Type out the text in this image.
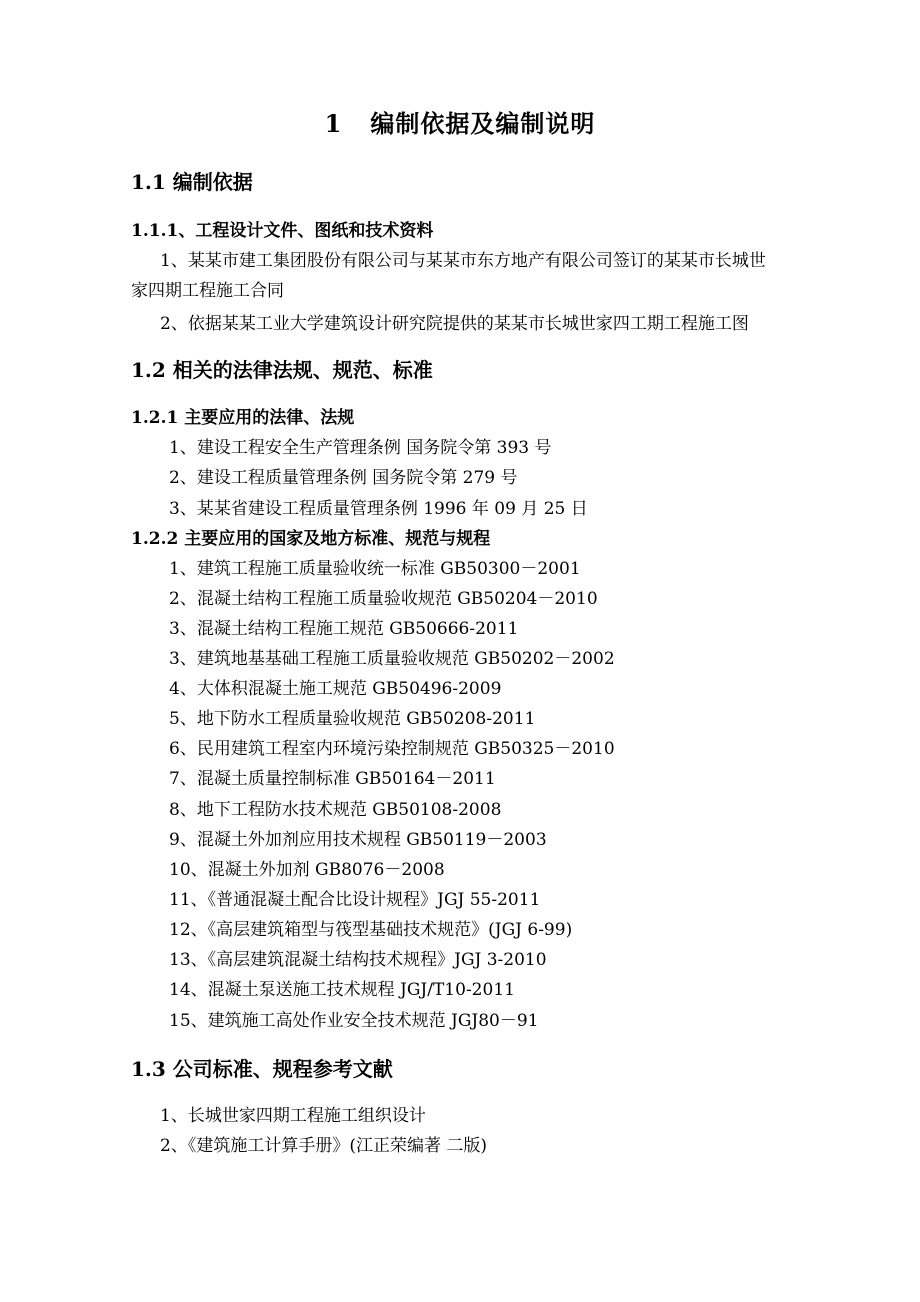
1 编制依据及编制说明
1.1 编制依据
1.1.1、工程设计文件、图纸和技术资料
1、某某市建工集团股份有限公司与某某市东方地产有限公司签订的某某市长城世
家四期工程施工合同
2、依据某某工业大学建筑设计研究院提供的某某市长城世家四工期工程施工图
1.2 相关的法律法规、规范、标准
1.2.1 主要应用的法律、法规
1、建设工程安全生产管理条例 国务院令第 393 号
2、建设工程质量管理条例 国务院令第 279 号
3、某某省建设工程质量管理条例 1996 年 09 月 25 日
1.2.2 主要应用的国家及地方标准、规范与规程
1、建筑工程施工质量验收统一标准 GB50300－2001
2、混凝土结构工程施工质量验收规范 GB50204－2010
3、混凝土结构工程施工规范 GB50666-2011
3、建筑地基基础工程施工质量验收规范 GB50202－2002
4、大体积混凝土施工规范 GB50496-2009
5、地下防水工程质量验收规范 GB50208-2011
6、民用建筑工程室内环境污染控制规范 GB50325－2010
7、混凝土质量控制标准 GB50164－2011
8、地下工程防水技术规范 GB50108-2008
9、混凝土外加剂应用技术规程 GB50119－2003
10、混凝土外加剂 GB8076－2008
11、《普通混凝土配合比设计规程》JGJ 55-2011
12、《高层建筑箱型与筏型基础技术规范》(JGJ 6-99)
13、《高层建筑混凝土结构技术规程》JGJ 3-2010
14、混凝土泵送施工技术规程 JGJ/T10-2011
15、建筑施工高处作业安全技术规范 JGJ80－91
1.3 公司标准、规程参考文献
1、长城世家四期工程施工组织设计
2、《建筑施工计算手册》(江正荣编著 二版)
